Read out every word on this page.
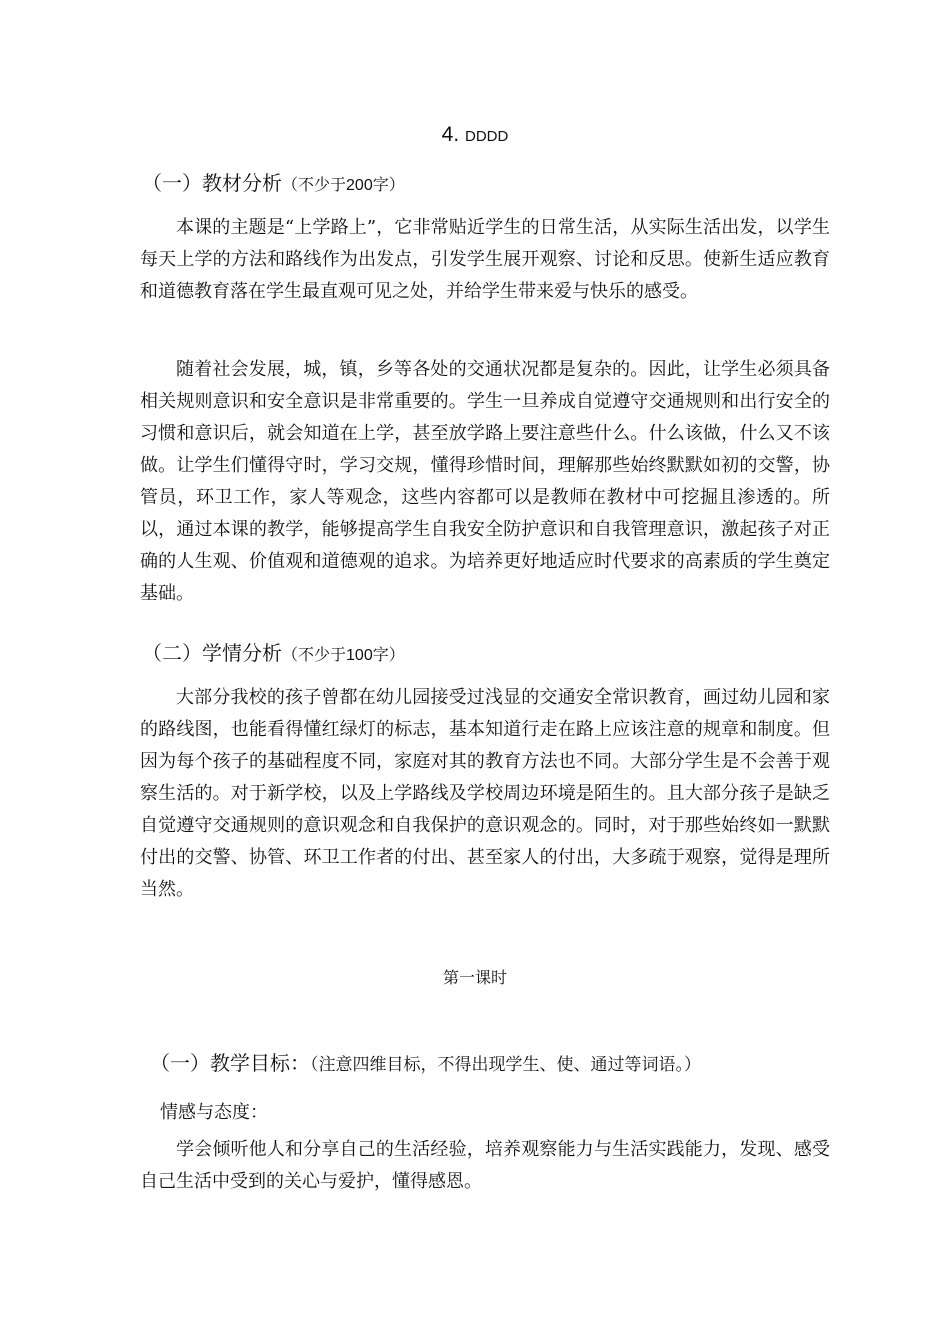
4. DDDD
（一）教材分析（不少于200字）

本课的主题是“上学路上”，它非常贴近学生的日常生活，从实际生活出发，以学生每天上学的方法和路线作为出发点，引发学生展开观察、讨论和反思。使新生适应教育和道德教育落在学生最直观可见之处，并给学生带来爱与快乐的感受。

随着社会发展，城，镇，乡等各处的交通状况都是复杂的。因此，让学生必须具备相关规则意识和安全意识是非常重要的。学生一旦养成自觉遵守交通规则和出行安全的习惯和意识后，就会知道在上学，甚至放学路上要注意些什么。什么该做，什么又不该做。让学生们懂得守时，学习交规，懂得珍惜时间，理解那些始终默默如初的交警，协管员，环卫工作，家人等观念，这些内容都可以是教师在教材中可挖掘且渗透的。所以，通过本课的教学，能够提高学生自我安全防护意识和自我管理意识，激起孩子对正确的人生观、价值观和道德观的追求。为培养更好地适应时代要求的高素质的学生奠定基础。

（二）学情分析（不少于100字）

大部分我校的孩子曾都在幼儿园接受过浅显的交通安全常识教育，画过幼儿园和家的路线图，也能看得懂红绿灯的标志，基本知道行走在路上应该注意的规章和制度。但因为每个孩子的基础程度不同，家庭对其的教育方法也不同。大部分学生是不会善于观察生活的。对于新学校，以及上学路线及学校周边环境是陌生的。且大部分孩子是缺乏自觉遵守交通规则的意识观念和自我保护的意识观念的。同时，对于那些始终如一默默付出的交警、协管、环卫工作者的付出、甚至家人的付出，大多疏于观察，觉得是理所当然。

第一课时
（一）教学目标：（注意四维目标，不得出现学生、使、通过等词语。）
情感与态度：

学会倾听他人和分享自己的生活经验，培养观察能力与生活实践能力，发现、感受自己生活中受到的关心与爱护，懂得感恩。
